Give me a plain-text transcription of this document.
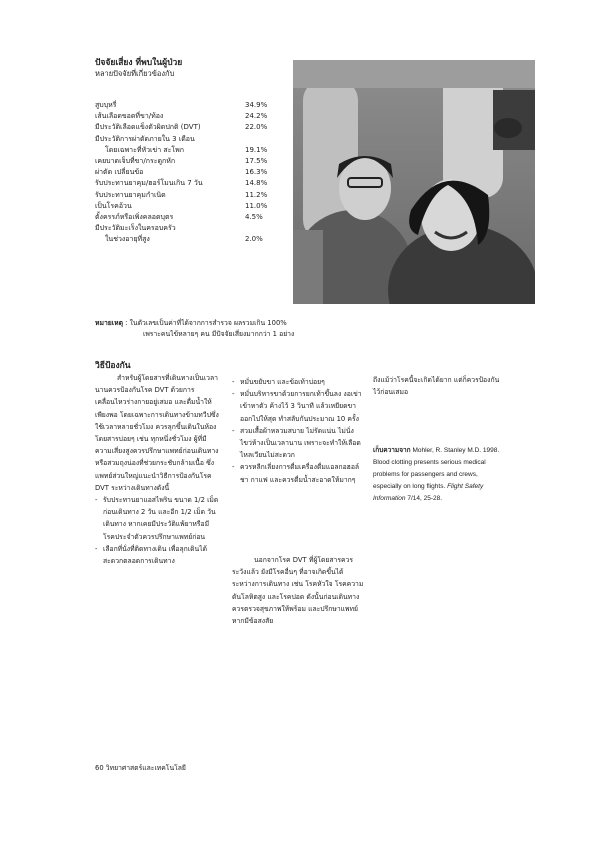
ปัจจัยเสี่ยง ที่พบในผู้ป่วย
หลายปัจจัยที่เกี่ยวข้องกับ
สูบบุหรี่	34.9%
เส้นเลือดขอดที่ขา/ท้อง	24.2%
มีประวัติเลือดแข็งตัวผิดปกติ (DVT)	22.0%
มีประวัติการผ่าตัดภายใน 3 เดือน
โดยเฉพาะที่หัวเข่า สะโพก	19.1%
เคยบาดเจ็บที่ขา/กระดูกหัก	17.5%
ผ่าตัด เปลี่ยนข้อ	16.3%
รับประทานยาคุม/ฮอร์โมนเกิน 7 วัน	14.8%
รับประทานยาคุมกำเนิด	11.2%
เป็นโรคอ้วน	11.0%
ตั้งครรภ์หรือเพิ่งคลอดบุตร	4.5%
มีประวัติมะเร็งในครอบครัว
ในช่วงอายุที่สูง	2.0%
หมายเหตุ : ในตัวเลขเป็นค่าที่ได้จากการสำรวจ ผลรวมเกิน 100%
เพราะคนไข้หลายๆ คน มีปัจจัยเสี่ยงมากกว่า 1 อย่าง
วิธีป้องกัน

สำหรับผู้โดยสารที่เดินทางเป็นเวลานานควรป้องกันโรค DVT ด้วยการเคลื่อนไหวร่างกายอยู่เสมอ และดื่มน้ำให้เพียงพอ โดยเฉพาะการเดินทางข้ามทวีปซึ่งใช้เวลาหลายชั่วโมง ควรลุกขึ้นเดินในห้องโดยสารบ่อยๆ เช่น ทุกหนึ่งชั่วโมง ผู้ที่มีความเสี่ยงสูงควรปรึกษาแพทย์ก่อนเดินทาง หรือสวมถุงน่องที่ช่วยกระชับกล้ามเนื้อ ซึ่งแพทย์ส่วนใหญ่แนะนำวิธีการป้องกันโรค DVT ระหว่างเดินทางดังนี้

- รับประทานยาแอสไพริน ขนาด 1/2 เม็ด ก่อนเดินทาง 2 วัน และอีก 1/2 เม็ด วันเดินทาง หากเคยมีประวัติแพ้ยาหรือมีโรคประจำตัวควรปรึกษาแพทย์ก่อน
- เลือกที่นั่งที่ติดทางเดิน เพื่อลุกเดินได้สะดวกตลอดการเดินทาง
- หมั่นขยับขา และข้อเท้าบ่อยๆ
- หมั่นบริหารขาด้วยการยกเท้าขึ้นลง งอเข่าเข้าหาตัว ค้างไว้ 3 วินาที แล้วเหยียดขาออกไปให้สุด ทำสลับกันประมาณ 10 ครั้ง
- สวมเสื้อผ้าหลวมสบาย ไม่รัดแน่น ไม่นั่งไขว่ห้างเป็นเวลานาน เพราะจะทำให้เลือดไหลเวียนไม่สะดวก
- ควรหลีกเลี่ยงการดื่มเครื่องดื่มแอลกอฮอล์ ชา กาแฟ และควรดื่มน้ำสะอาดให้มากๆ
ถึงแม้ว่าโรคนี้จะเกิดได้ยาก แต่ก็ควรป้องกันไว้ก่อนเสมอ

นอกจากโรค DVT ที่ผู้โดยสารควรระวังแล้ว ยังมีโรคอื่นๆ ที่อาจเกิดขึ้นได้ระหว่างการเดินทาง เช่น โรคหัวใจ โรคความดันโลหิตสูง และโรคปอด ดังนั้นก่อนเดินทางควรตรวจสุขภาพให้พร้อม และปรึกษาแพทย์หากมีข้อสงสัย

เก็บความจาก Mohler, R. Stanley M.D. 1998. Blood clotting presents serious medical problems for passengers and crews, especially on long flights. Flight Safety Information 7/14, 25-28.
60 วิทยาศาสตร์และเทคโนโลยี
